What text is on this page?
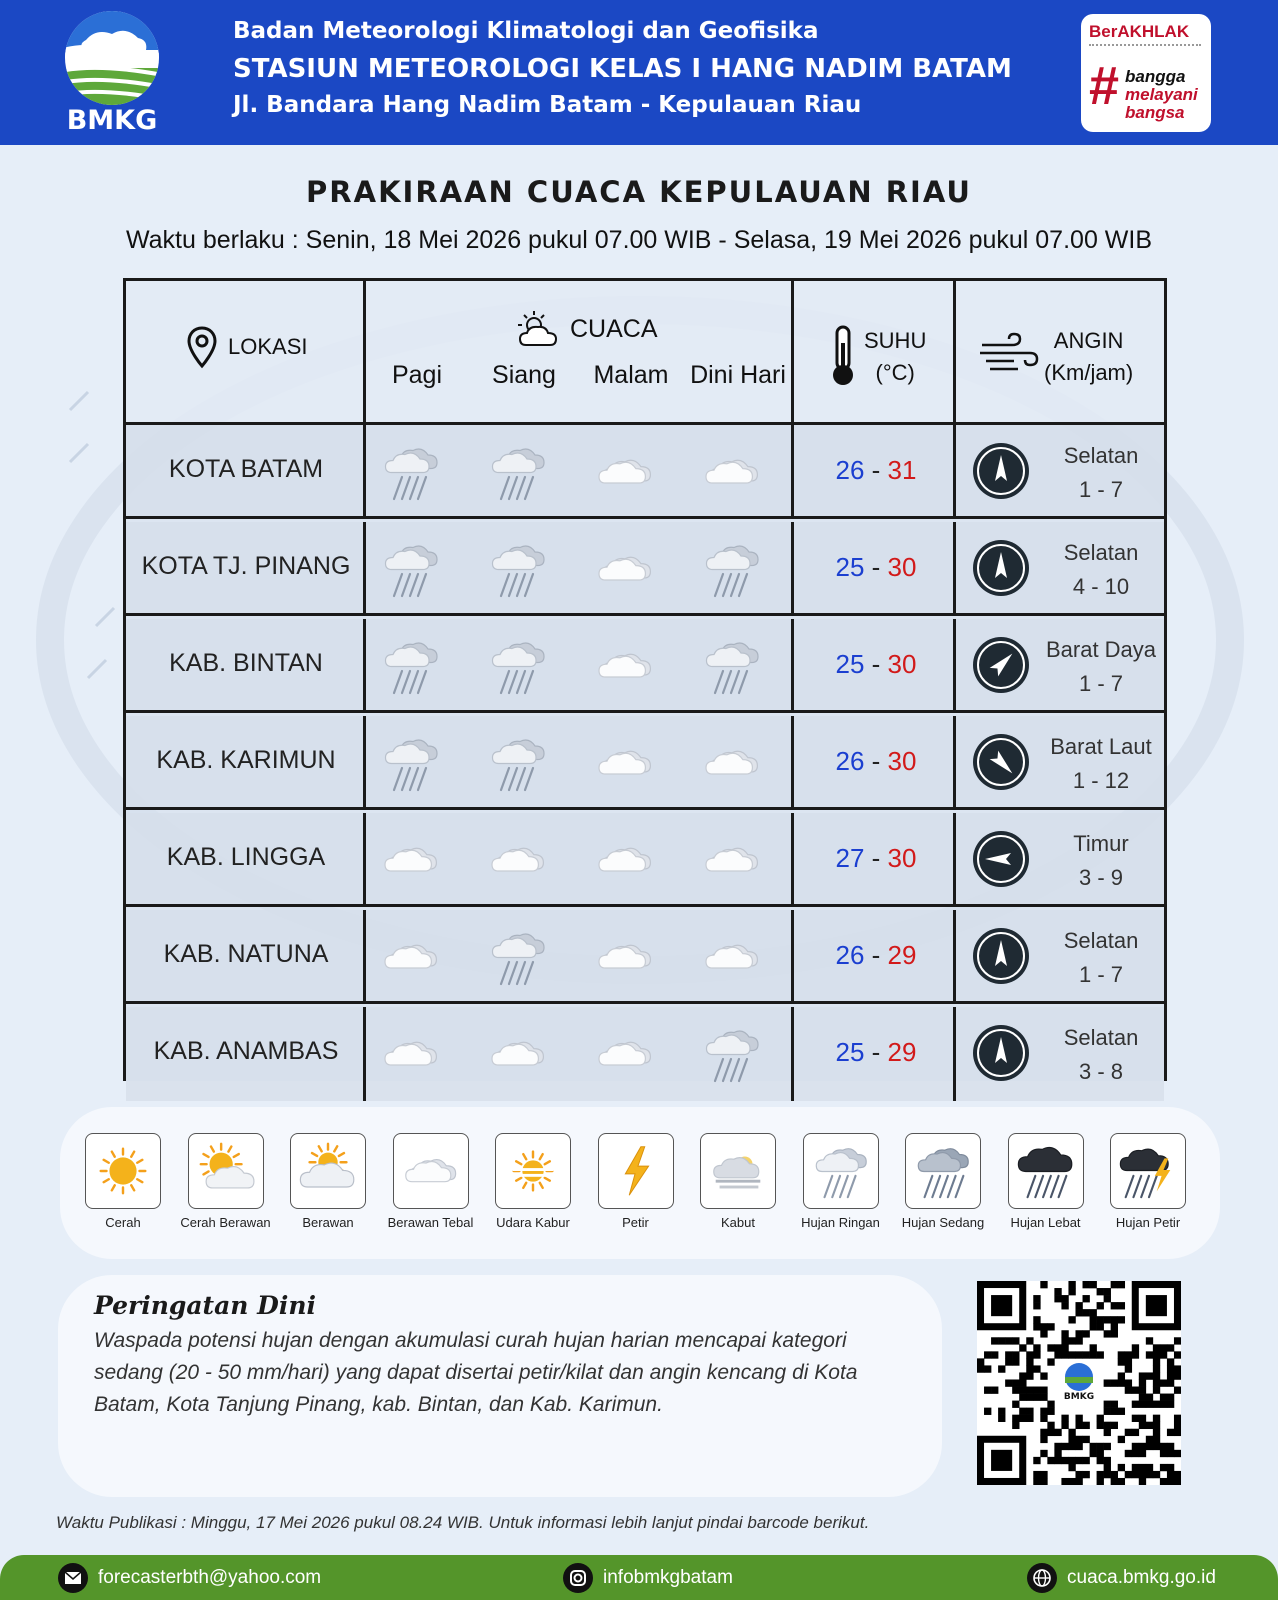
BMKG
Badan Meteorologi Klimatologi dan Geofisika
STASIUN METEOROLOGI KELAS I HANG NADIM BATAM
Jl. Bandara Hang Nadim Batam - Kepulauan Riau
BerAKHLAK
# bangga
melayani
bangsa
PRAKIRAAN CUACA KEPULAUAN RIAU
Waktu berlaku : Senin, 18 Mei 2026 pukul 07.00 WIB - Selasa, 19 Mei 2026 pukul 07.00 WIB
LOKASI
CUACA
Pagi	Siang	Malam Dini Hari
SUHU
(°C)
ANGIN
(Km/jam)
KOTA BATAM	26 - 31	Selatan
1 - 7
KOTA TJ. PINANG	25 - 30	Selatan
4 - 10
KAB. BINTAN	25 - 30	Barat Daya
1 - 7
KAB. KARIMUN	26 - 30	Barat Laut
1 - 12
KAB. LINGGA	27 - 30	Timur
3 - 9
KAB. NATUNA	26 - 29	Selatan
1 - 7
KAB. ANAMBAS	25 - 29	Selatan
3 - 8
Cerah	Cerah Berawan	Berawan	Berawan Tebal	Udara Kabur	Petir	Kabut	Hujan Ringan	Hujan Sedang	Hujan Lebat	Hujan Petir
Peringatan Dini
Waspada potensi hujan dengan akumulasi curah hujan harian mencapai kategori sedang (20 - 50 mm/hari) yang dapat disertai petir/kilat dan angin kencang di Kota Batam, Kota Tanjung Pinang, kab. Bintan, dan Kab. Karimun.	BMKG
Waktu Publikasi : Minggu, 17 Mei 2026 pukul 08.24 WIB. Untuk informasi lebih lanjut pindai barcode berikut.
forecasterbth@yahoo.com	infobmkgbatam	cuaca.bmkg.go.id
